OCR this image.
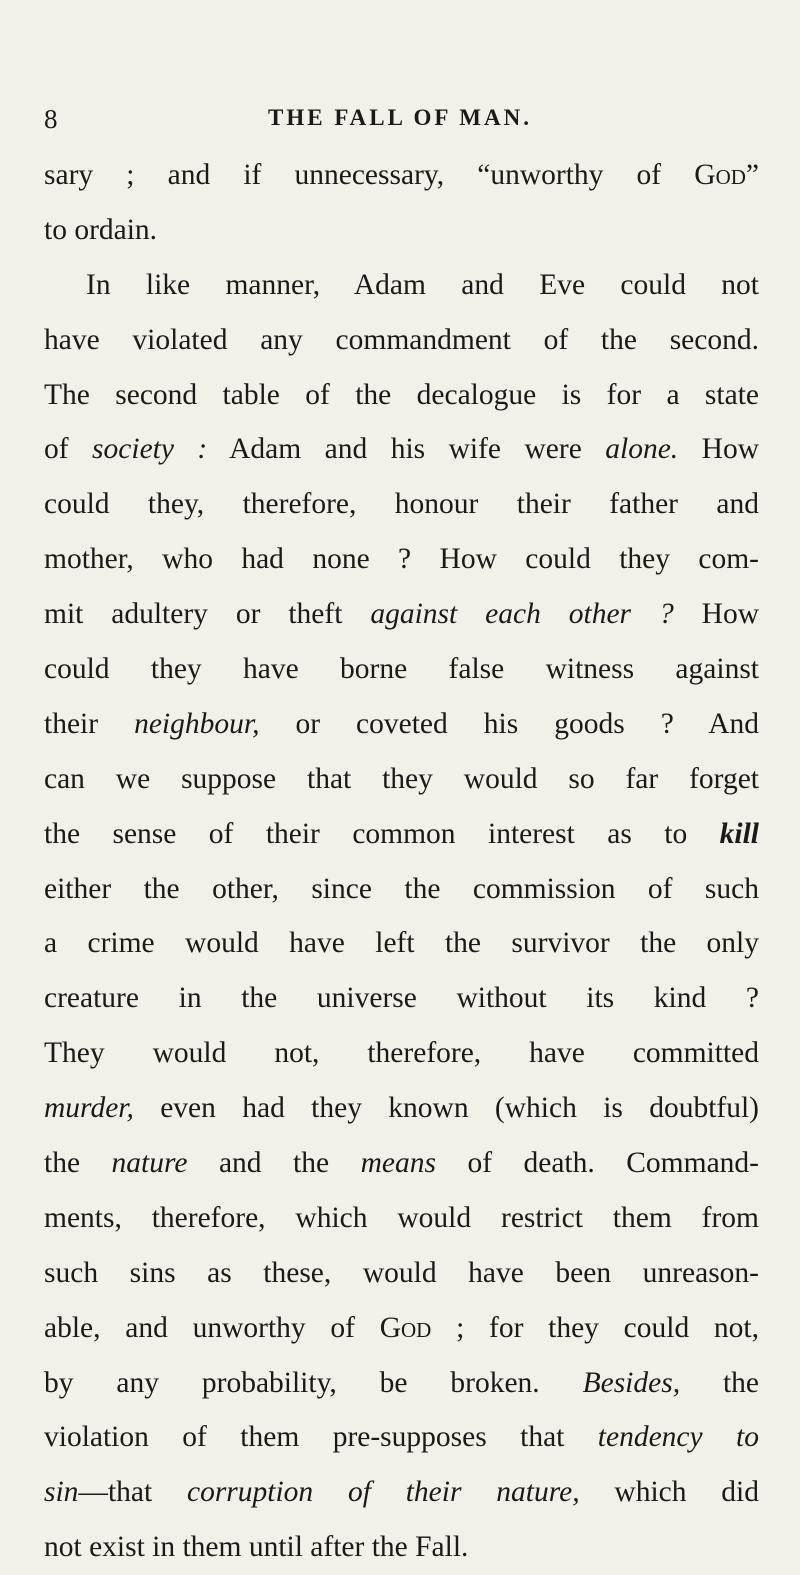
8	THE FALL OF MAN.
sary ; and if unnecessary, “unworthy of God”
to ordain.
In like manner, Adam and Eve could not
have violated any commandment of the second.
The second table of the decalogue is for a state
of society : Adam and his wife were alone. How
could they, therefore, honour their father and
mother, who had none ? How could they com-
mit adultery or theft against each other ? How
could they have borne false witness against
their neighbour, or coveted his goods ? And
can we suppose that they would so far forget
the sense of their common interest as to kill
either the other, since the commission of such
a crime would have left the survivor the only
creature in the universe without its kind ?
They would not, therefore, have committed
murder, even had they known (which is doubtful)
the nature and the means of death. Command-
ments, therefore, which would restrict them from
such sins as these, would have been unreason-
able, and unworthy of God ; for they could not,
by any probability, be broken. Besides, the
violation of them pre-supposes that tendency to
sin—that corruption of their nature, which did
not exist in them until after the Fall.
